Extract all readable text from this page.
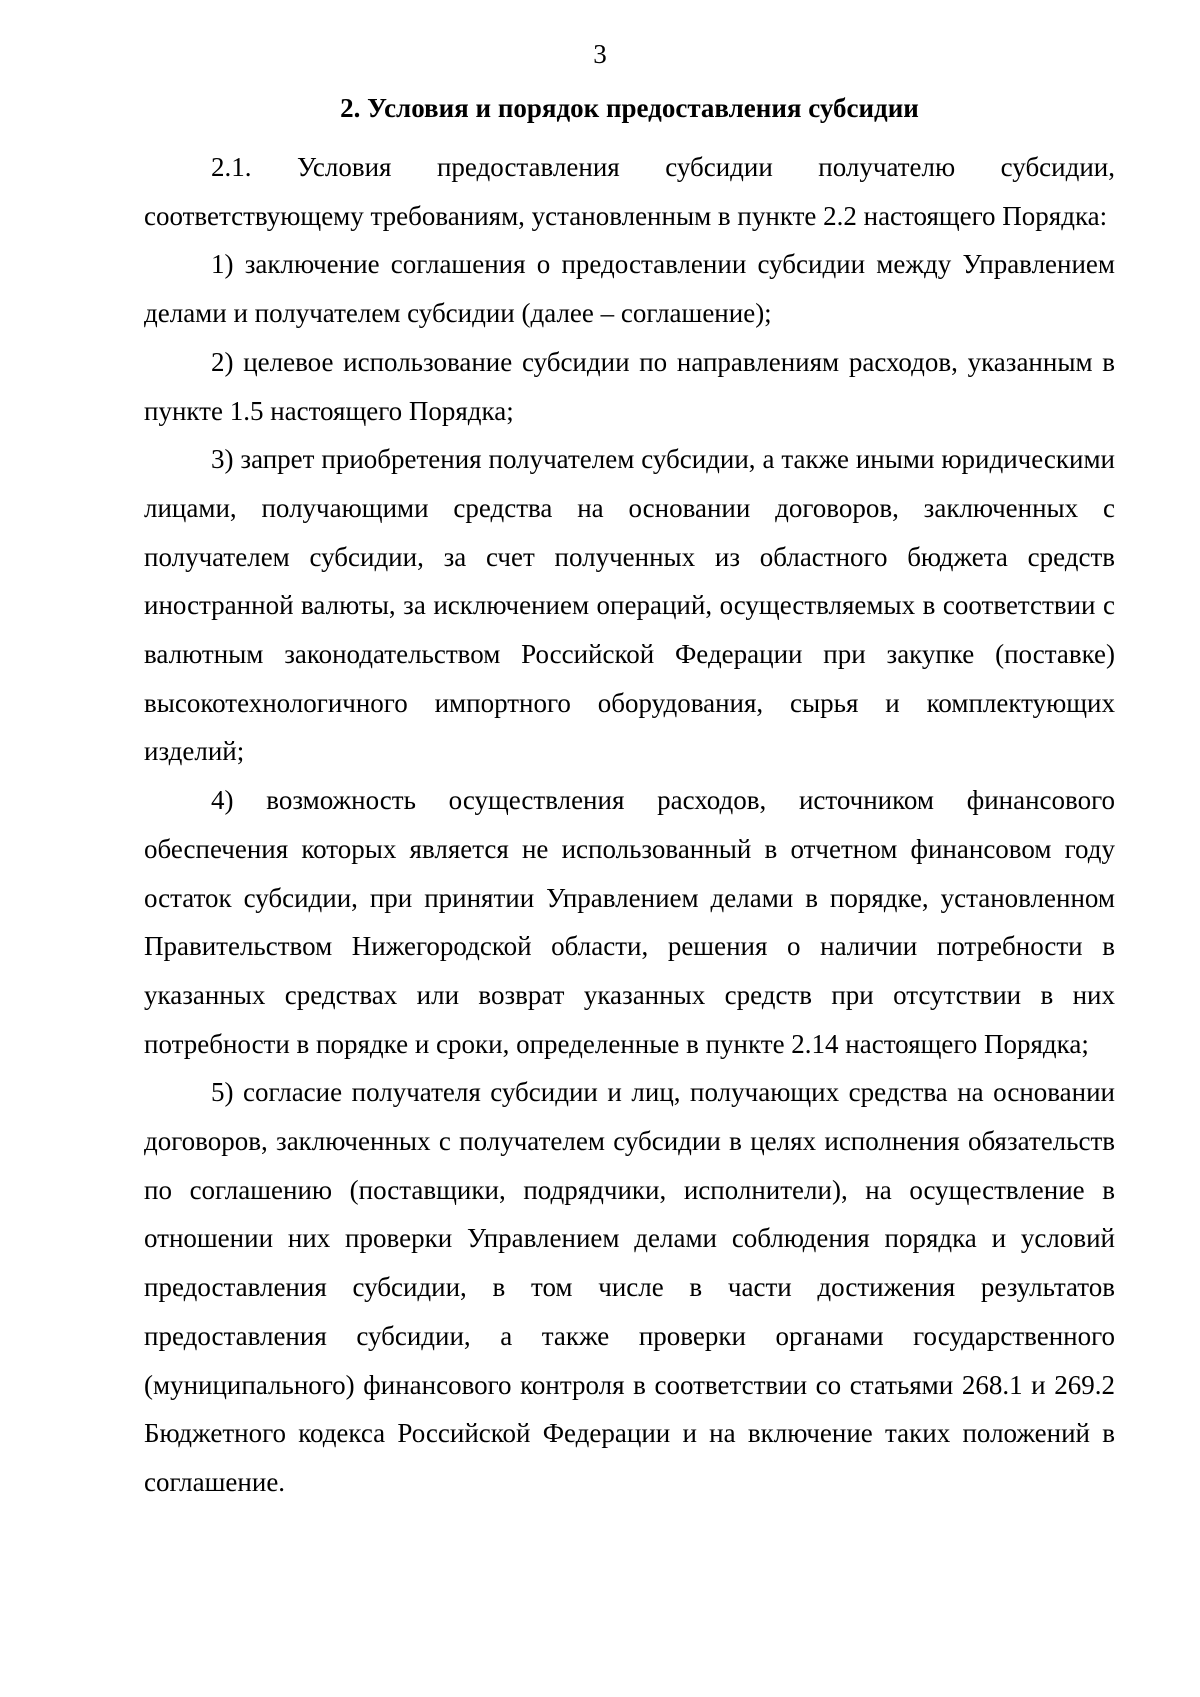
3

2. Условия и порядок предоставления субсидии

2.1. Условия предоставления субсидии получателю субсидии, соответствующему требованиям, установленным в пункте 2.2 настоящего Порядка:

1) заключение соглашения о предоставлении субсидии между Управлением делами и получателем субсидии (далее – соглашение);

2) целевое использование субсидии по направлениям расходов, указанным в пункте 1.5 настоящего Порядка;

3) запрет приобретения получателем субсидии, а также иными юридическими лицами, получающими средства на основании договоров, заключенных с получателем субсидии, за счет полученных из областного бюджета средств иностранной валюты, за исключением операций, осуществляемых в соответствии с валютным законодательством Российской Федерации при закупке (поставке) высокотехнологичного импортного оборудования, сырья и комплектующих изделий;

4) возможность осуществления расходов, источником финансового обеспечения которых является не использованный в отчетном финансовом году остаток субсидии, при принятии Управлением делами в порядке, установленном Правительством Нижегородской области, решения о наличии потребности в указанных средствах или возврат указанных средств при отсутствии в них потребности в порядке и сроки, определенные в пункте 2.14 настоящего Порядка;

5) согласие получателя субсидии и лиц, получающих средства на основании договоров, заключенных с получателем субсидии в целях исполнения обязательств по соглашению (поставщики, подрядчики, исполнители), на осуществление в отношении них проверки Управлением делами соблюдения порядка и условий предоставления субсидии, в том числе в части достижения результатов предоставления субсидии, а также проверки органами государственного (муниципального) финансового контроля в соответствии со статьями 268.1 и 269.2 Бюджетного кодекса Российской Федерации и на включение таких положений в соглашение.
